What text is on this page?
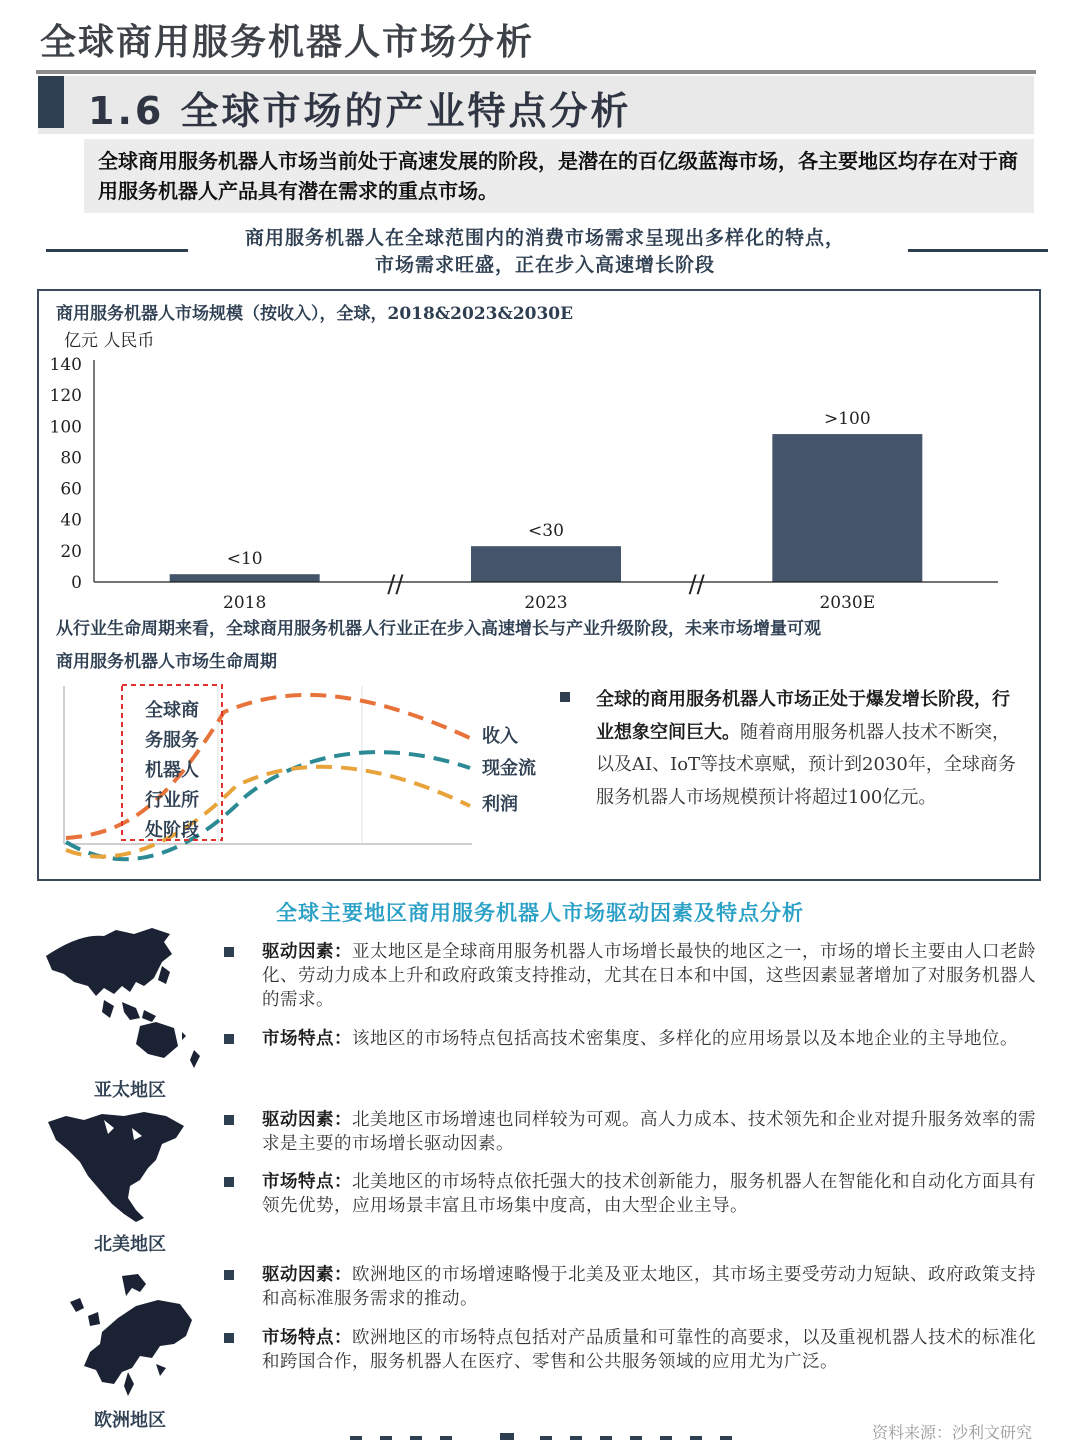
全球商用服务机器人市场分析
1.6 全球市场的产业特点分析
全球商用服务机器人市场当前处于高速发展的阶段，是潜在的百亿级蓝海市场，各主要地区均存在对于商用服务机器人产品具有潜在需求的重点市场。
商用服务机器人在全球范围内的消费市场需求呈现出多样化的特点，
市场需求旺盛，正在步入高速增长阶段
商用服务机器人市场规模（按收入），全球，2018&2023&2030E
亿元 人民币
0
20
40
60
80
100
120
140
<10
<30
>100
2018	2023	2030E
//	//
从行业生命周期来看，全球商用服务机器人行业正在步入高速增长与产业升级阶段，未来市场增量可观
商用服务机器人市场生命周期
全球商
务服务
机器人
行业所
处阶段
收入
现金流
利润
全球的商用服务机器人市场正处于爆发增长阶段，行业想象空间巨大。随着商用服务机器人技术不断突，以及AI、IoT等技术禀赋，预计到2030年，全球商务服务机器人市场规模预计将超过100亿元。
全球主要地区商用服务机器人市场驱动因素及特点分析
亚太地区
驱动因素：亚太地区是全球商用服务机器人市场增长最快的地区之一，市场的增长主要由人口老龄化、劳动力成本上升和政府政策支持推动，尤其在日本和中国，这些因素显著增加了对服务机器人的需求。
市场特点：该地区的市场特点包括高技术密集度、多样化的应用场景以及本地企业的主导地位。
北美地区
驱动因素：北美地区市场增速也同样较为可观。高人力成本、技术领先和企业对提升服务效率的需求是主要的市场增长驱动因素。
市场特点：北美地区的市场特点依托强大的技术创新能力，服务机器人在智能化和自动化方面具有领先优势，应用场景丰富且市场集中度高，由大型企业主导。
欧洲地区
驱动因素：欧洲地区的市场增速略慢于北美及亚太地区，其市场主要受劳动力短缺、政府政策支持和高标准服务需求的推动。
市场特点：欧洲地区的市场特点包括对产品质量和可靠性的高要求，以及重视机器人技术的标准化和跨国合作，服务机器人在医疗、零售和公共服务领域的应用尤为广泛。
资料来源：沙利文研究
